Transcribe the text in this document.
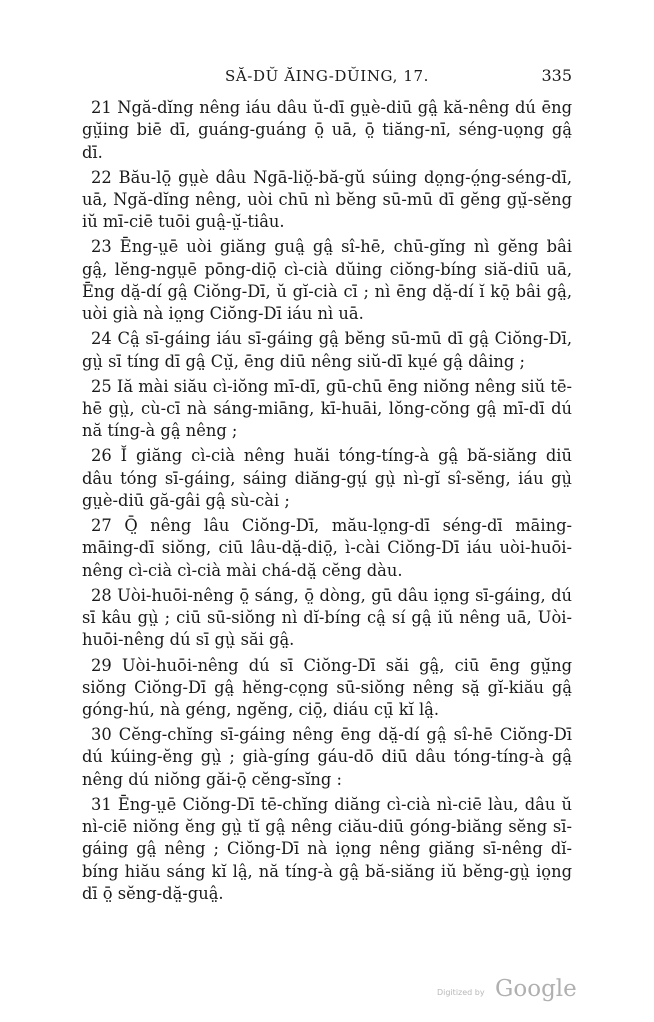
SĂ-DŬ ĂING-DŬING, 17.	335

21 Ngă-dĭng nêng iáu dâu ŭ-dī gṳè-diū gâ̤ kă-nêng dú ēng gṳ̆ing biē dī, guáng-guáng ō̤ uā, ō̤ tiăng-nī, séng-uo̤ng gâ̤ dī.

22 Bău-lō̤ gṳè dâu Ngā-liŏ̤-bă-gŭ súing do̤ng-ó̤ng-séng-dī, uā, Ngă-dĭng nêng, uòi chū nì bĕng sū-mū dī gĕng gṳ̆-sĕng iŭ mī-ciē tuōi guâ̤-ṳ̆-tiâu.

23 Ēng-ṳē uòi giăng guâ̤ gâ̤ sî-hē, chū-gĭng nì gĕng bâi gâ̤, lĕng-ngṳē pōng-diō̤ cì-cià dŭing ciŏng-bíng siă-diū uā, Ēng dă̤-dí gâ̤ Ciŏng-Dī, ŭ gĭ-cià cī ; nì ēng dă̤-dí ĭ kō̤ bâi gâ̤, uòi già nà io̤ng Ciŏng-Dī iáu nì uā.

24 Câ̤ sī-gáing iáu sī-gáing gâ̤ bĕng sū-mū dī gâ̤ Ciŏng-Dī, gṳ̀ sī tíng dī gâ̤ Cṳ̆, ēng diū nêng siŭ-dī kṳé gâ̤ dâing ;

25 Iă mài siău cì-iŏng mī-dī, gū-chū ēng niŏng nêng siŭ tē-hē gṳ̀, cù-cī nà sáng-miāng, kī-huāi, lŏng-cŏng gâ̤ mī-dī dú nă tíng-à gâ̤ nêng ;

26 Ĭ giăng cì-cià nêng huăi tóng-tíng-à gâ̤ bă-siăng diū dâu tóng sī-gáing, sáing diăng-gṳ́ gṳ̀ nì-gĭ sî-sĕng, iáu gṳ̀ gṳè-diū gă-gâi gâ̤ sù-cài ;

27 Ō̤ nêng lâu Ciŏng-Dī, mău-lo̤ng-dī séng-dī māing-māing-dī siŏng, ciū lâu-dă̤-diō̤, ì-cài Ciŏng-Dī iáu uòi-huōi-nêng cì-cià cì-cià mài chá-dă̤ cĕng dàu.

28 Uòi-huōi-nêng ō̤ sáng, ō̤ dòng, gū dâu io̤ng sī-gáing, dú sī kâu gṳ̀ ; ciū sū-siŏng nì dĭ-bíng câ̤ sí gâ̤ iŭ nêng uā, Uòi-huōi-nêng dú sī gṳ̀ săi gâ̤.

29 Uòi-huōi-nêng dú sī Ciŏng-Dī săi gâ̤, ciū ēng gṳ̆ng siŏng Ciŏng-Dī gâ̤ hĕng-co̤ng sū-siŏng nêng să̤ gĭ-kiău gâ̤ góng-hú, nà géng, ngĕng, ciō̤, diáu cṳ̄ kĭ lâ̤.

30 Cĕng-chĭng sī-gáing nêng ēng dă̤-dí gâ̤ sî-hē Ciŏng-Dī dú kúing-ĕng gṳ̀ ; già-gíng gáu-dō diū dâu tóng-tíng-à gâ̤ nêng dú niŏng găi-ō̤ cĕng-sĭng :

31 Ēng-ṳē Ciŏng-Dī tē-chĭng diăng cì-cià nì-ciē làu, dâu ŭ nì-ciē niŏng ĕng gṳ̀ tĭ gâ̤ nêng ciău-diū góng-biăng sĕng sī-gáing gâ̤ nêng ; Ciŏng-Dī nà io̤ng nêng giăng sī-nêng dĭ-bíng hiău sáng kĭ lâ̤, nă tíng-à gâ̤ bă-siăng iŭ bĕng-gṳ̀ io̤ng dī ō̤ sĕng-dă̤-guâ̤.

Digitized by Google
